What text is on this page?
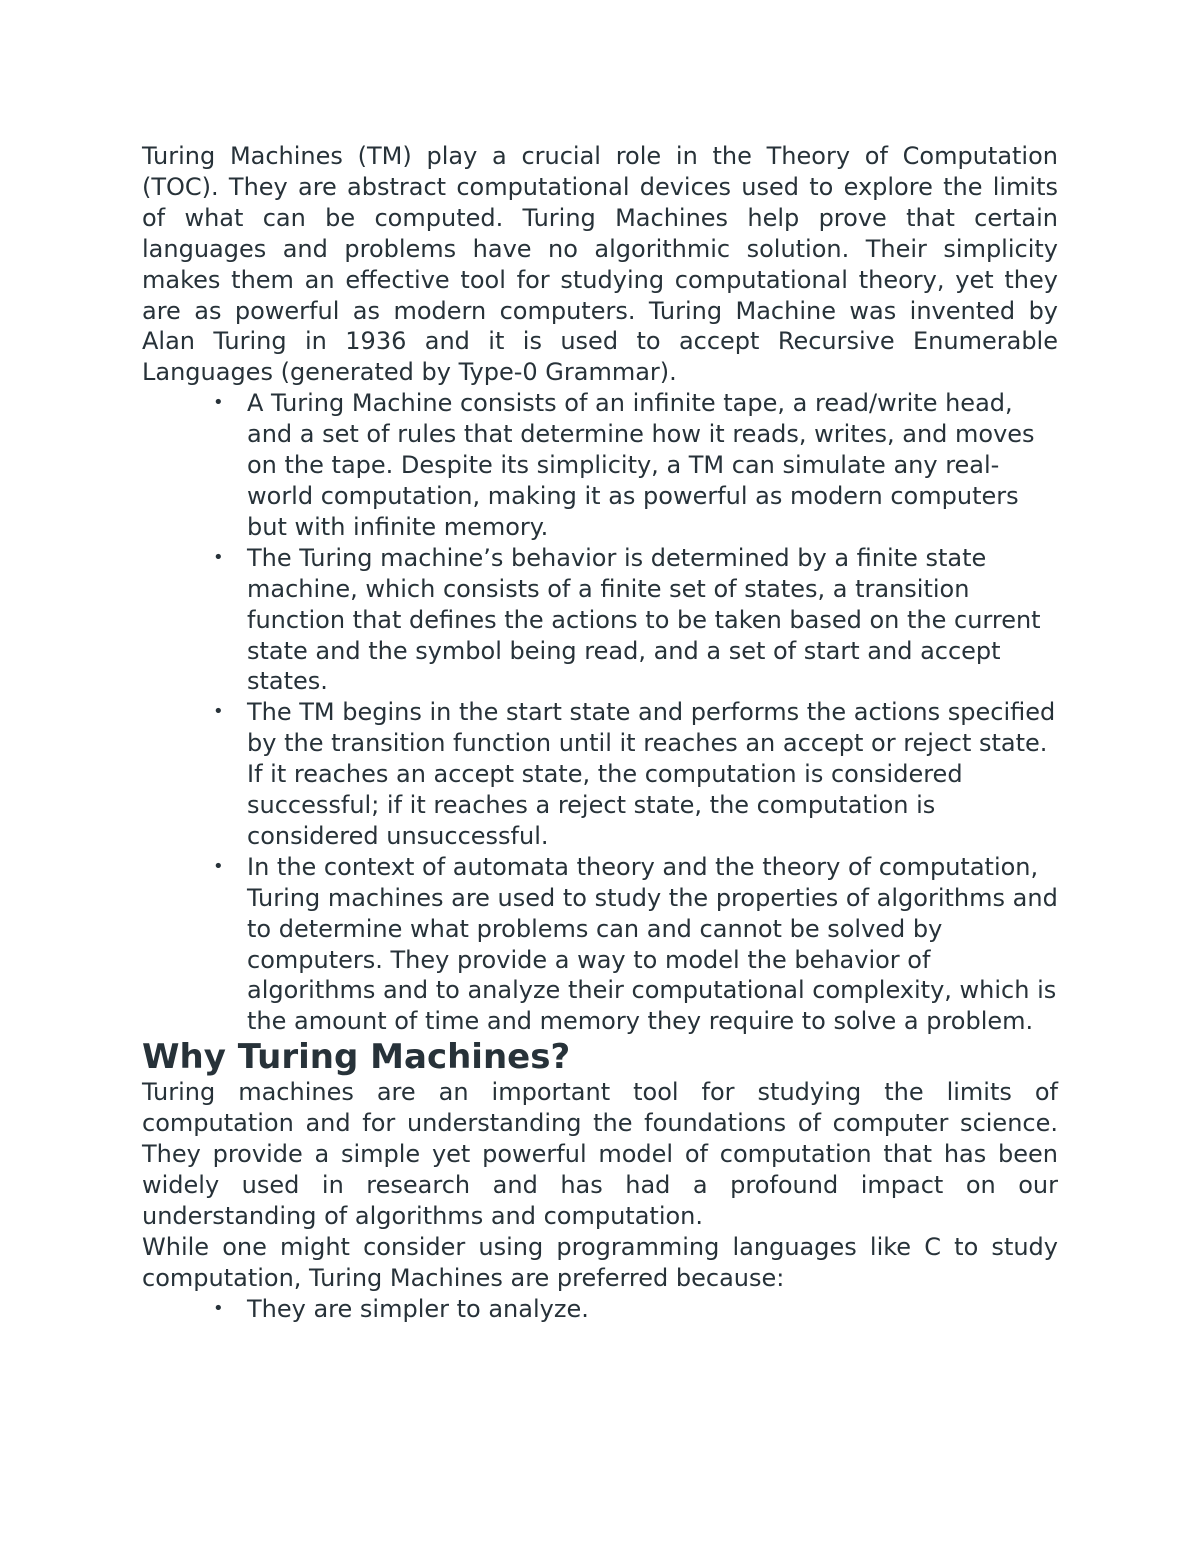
Turing Machines (TM) play a crucial role in the Theory of Computation (TOC). They are abstract computational devices used to explore the limits of what can be computed. Turing Machines help prove that certain languages and problems have no algorithmic solution. Their simplicity makes them an effective tool for studying computational theory, yet they are as powerful as modern computers. Turing Machine was invented by Alan Turing in 1936 and it is used to accept Recursive Enumerable Languages (generated by Type-0 Grammar).

• A Turing Machine consists of an infinite tape, a read/write head, and a set of rules that determine how it reads, writes, and moves on the tape. Despite its simplicity, a TM can simulate any real-world computation, making it as powerful as modern computers but with infinite memory.
• The Turing machine’s behavior is determined by a finite state machine, which consists of a finite set of states, a transition function that defines the actions to be taken based on the current state and the symbol being read, and a set of start and accept states.
• The TM begins in the start state and performs the actions specified by the transition function until it reaches an accept or reject state. If it reaches an accept state, the computation is considered successful; if it reaches a reject state, the computation is considered unsuccessful.
• In the context of automata theory and the theory of computation, Turing machines are used to study the properties of algorithms and to determine what problems can and cannot be solved by computers. They provide a way to model the behavior of algorithms and to analyze their computational complexity, which is the amount of time and memory they require to solve a problem.
Why Turing Machines?

Turing machines are an important tool for studying the limits of computation and for understanding the foundations of computer science. They provide a simple yet powerful model of computation that has been widely used in research and has had a profound impact on our understanding of algorithms and computation.

While one might consider using programming languages like C to study computation, Turing Machines are preferred because:

• They are simpler to analyze.
